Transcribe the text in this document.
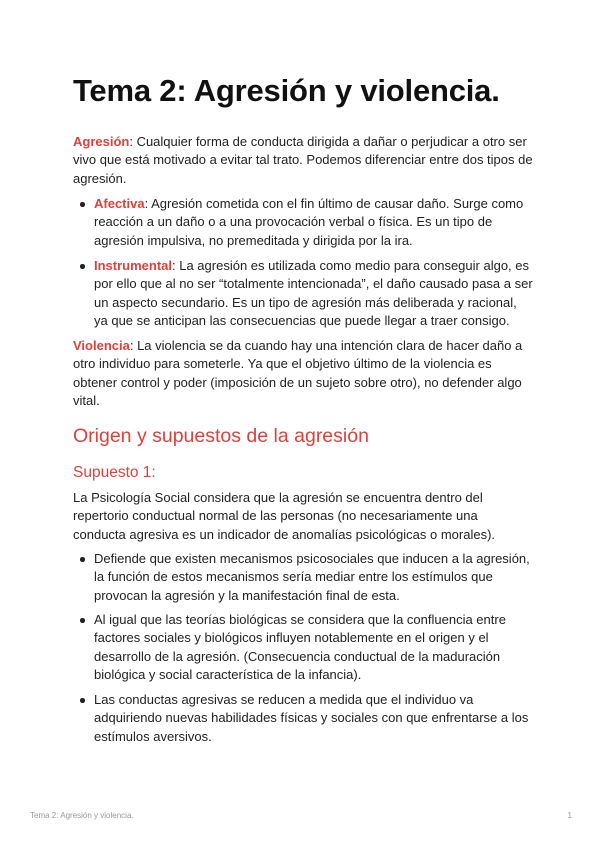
Tema 2: Agresión y violencia.

Agresión: Cualquier forma de conducta dirigida a dañar o perjudicar a otro ser vivo que está motivado a evitar tal trato. Podemos diferenciar entre dos tipos de agresión.

Afectiva: Agresión cometida con el fin último de causar daño. Surge como reacción a un daño o a una provocación verbal o física. Es un tipo de agresión impulsiva, no premeditada y dirigida por la ira.
Instrumental: La agresión es utilizada como medio para conseguir algo, es por ello que al no ser “totalmente intencionada”, el daño causado pasa a ser un aspecto secundario. Es un tipo de agresión más deliberada y racional, ya que se anticipan las consecuencias que puede llegar a traer consigo.

Violencia: La violencia se da cuando hay una intención clara de hacer daño a otro individuo para someterle. Ya que el objetivo último de la violencia es obtener control y poder (imposición de un sujeto sobre otro), no defender algo vital.

Origen y supuestos de la agresión
Supuesto 1:

La Psicología Social considera que la agresión se encuentra dentro del repertorio conductual normal de las personas (no necesariamente una conducta agresiva es un indicador de anomalías psicológicas o morales).

Defiende que existen mecanismos psicosociales que inducen a la agresión, la función de estos mecanismos sería mediar entre los estímulos que provocan la agresión y la manifestación final de esta.
Al igual que las teorías biológicas se considera que la confluencia entre factores sociales y biológicos influyen notablemente en el origen y el desarrollo de la agresión. (Consecuencia conductual de la maduración biológica y social característica de la infancia).
Las conductas agresivas se reducen a medida que el individuo va adquiriendo nuevas habilidades físicas y sociales con que enfrentarse a los estímulos aversivos.
Tema 2: Agresión y violencia.	1
